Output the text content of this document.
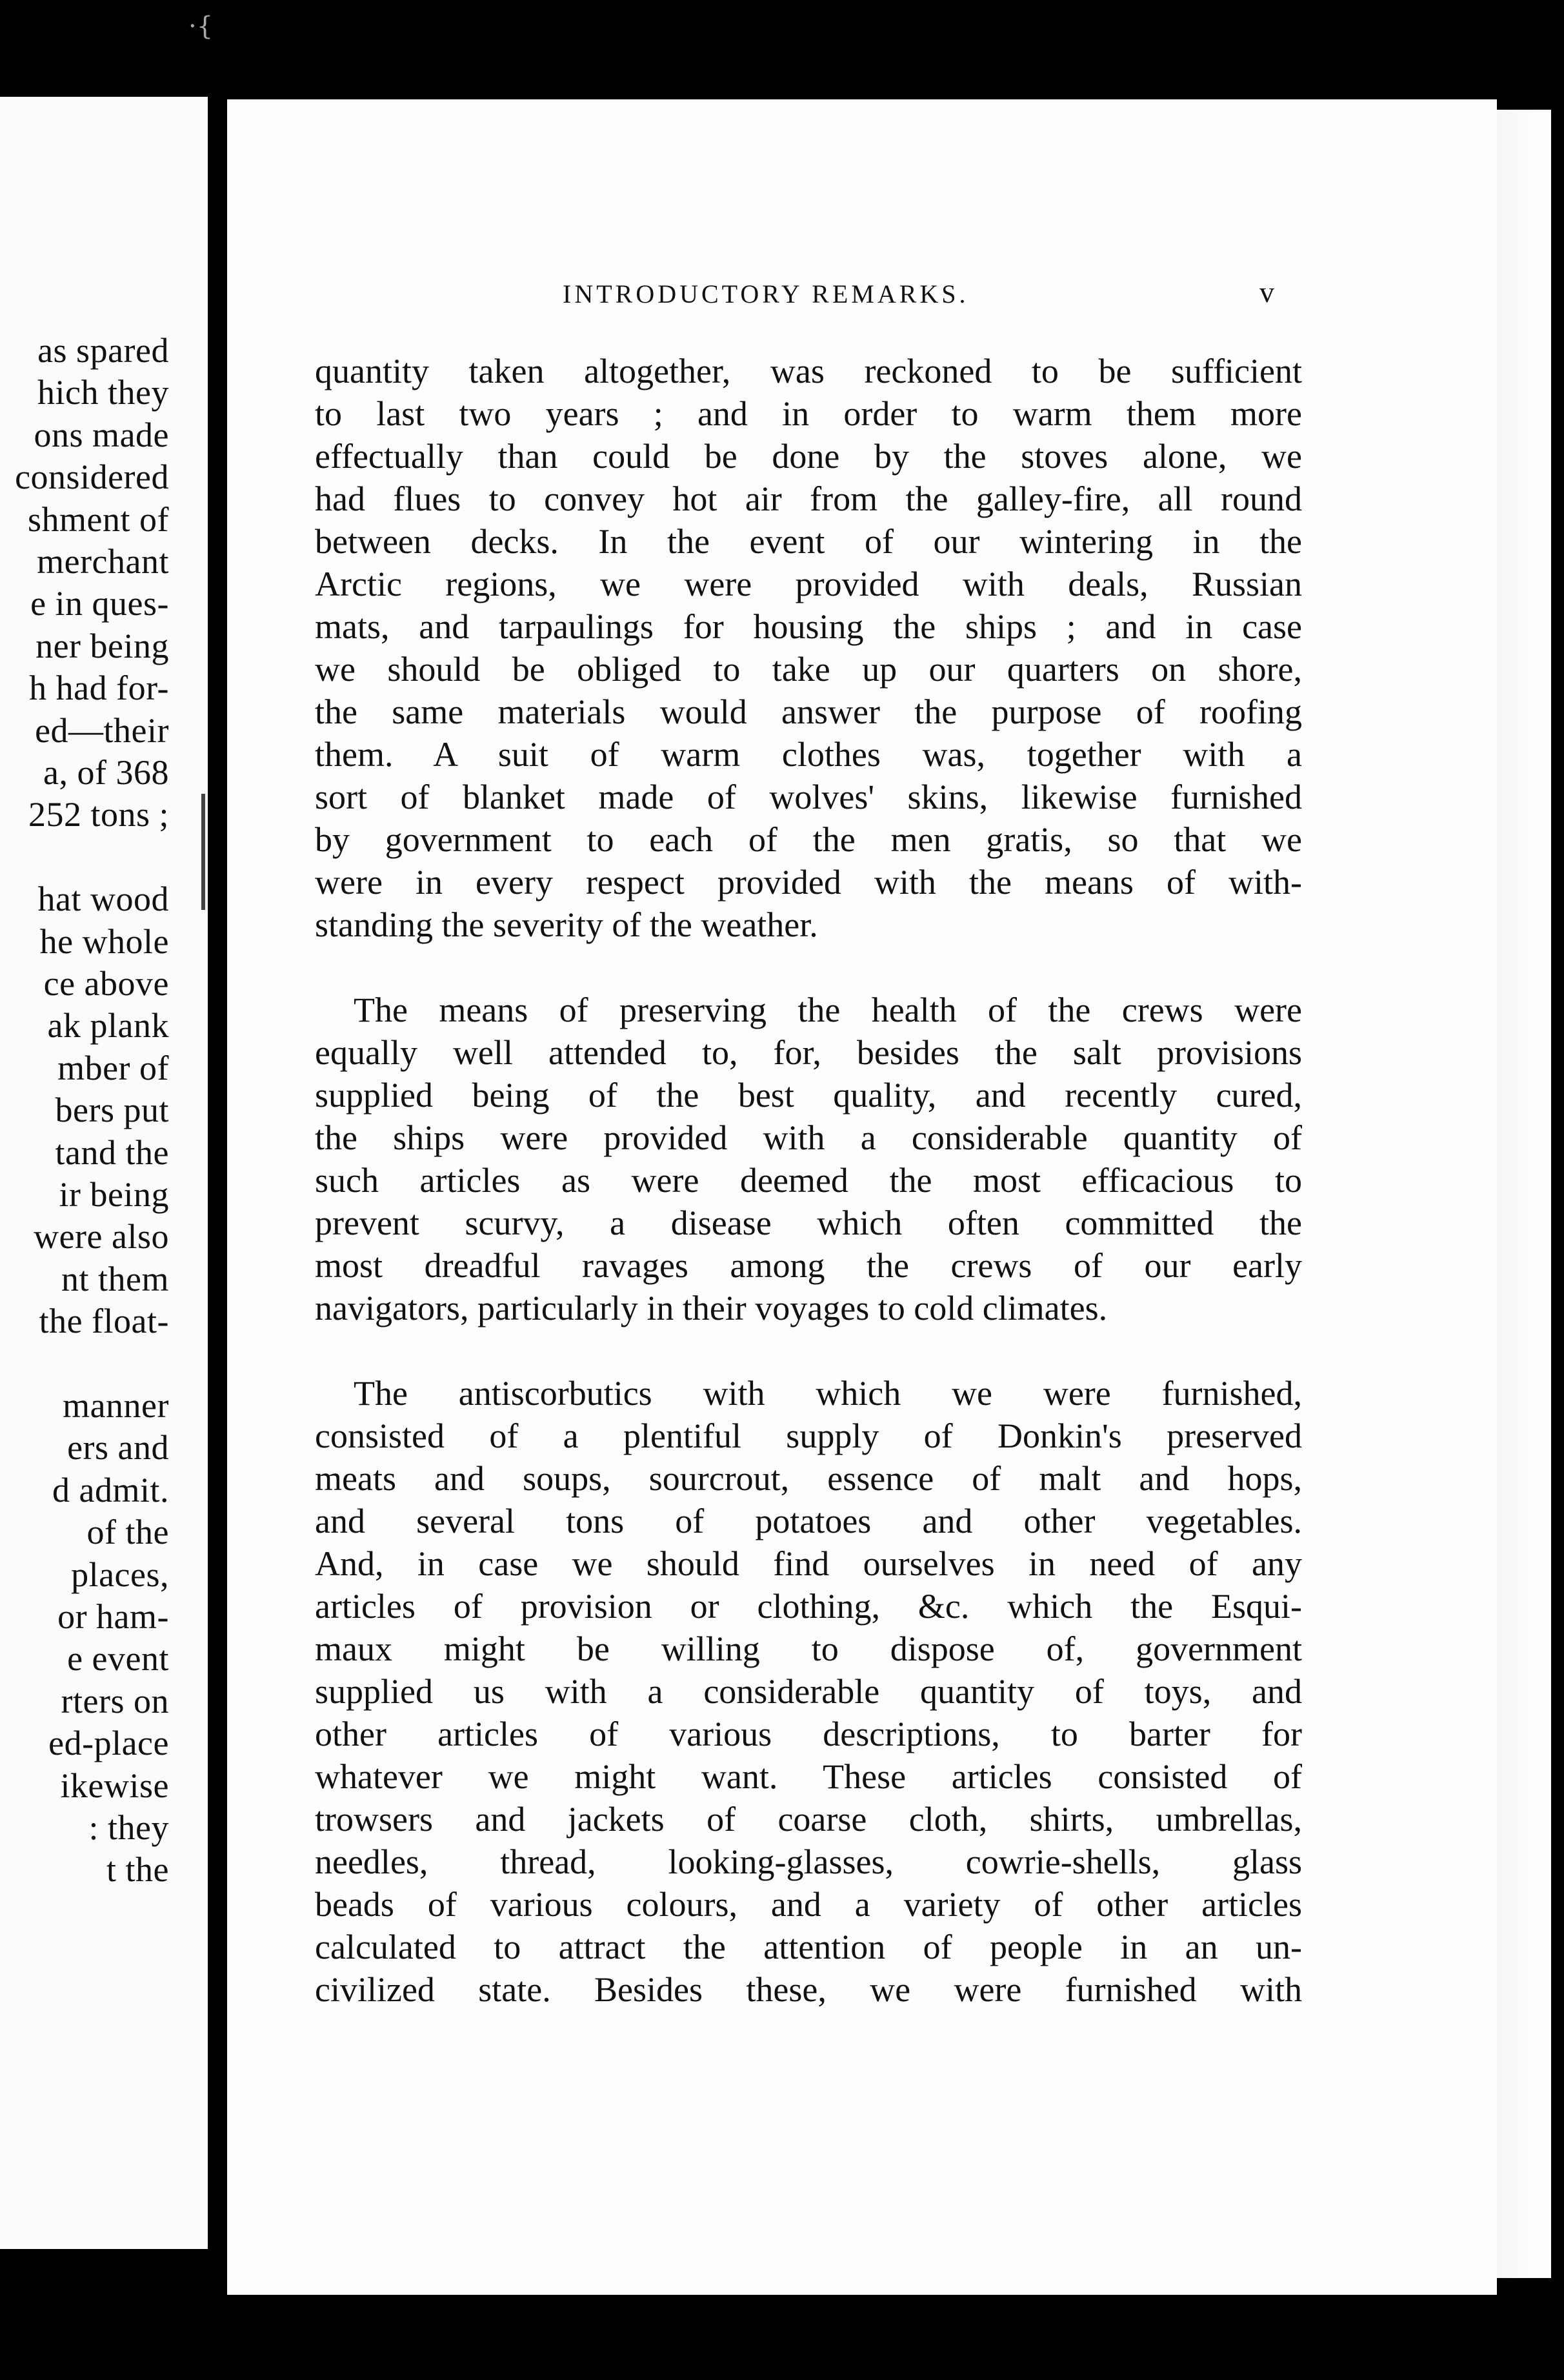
·{
as spared
hich they
ons made
considered
shment of
merchant
e in ques-
ner being
h had for-
ed—their
a, of 368
252 tons ;
hat wood
he whole
ce above
ak plank
mber of
bers put
tand the
ir being
were also
nt them
the float-
manner
ers and
d admit.
of the
places,
or ham-
e event
rters on
ed-place
ikewise
: they
t the
INTRODUCTORY REMARKS.	v
quantity taken altogether, was reckoned to be sufficient
to last two years ; and in order to warm them more
effectually than could be done by the stoves alone, we
had flues to convey hot air from the galley-fire, all round
between decks. In the event of our wintering in the
Arctic regions, we were provided with deals, Russian
mats, and tarpaulings for housing the ships ; and in case
we should be obliged to take up our quarters on shore,
the same materials would answer the purpose of roofing
them. A suit of warm clothes was, together with a
sort of blanket made of wolves' skins, likewise furnished
by government to each of the men gratis, so that we
were in every respect provided with the means of with-
standing the severity of the weather.
The means of preserving the health of the crews were
equally well attended to, for, besides the salt provisions
supplied being of the best quality, and recently cured,
the ships were provided with a considerable quantity of
such articles as were deemed the most efficacious to
prevent scurvy, a disease which often committed the
most dreadful ravages among the crews of our early
navigators, particularly in their voyages to cold climates.
The antiscorbutics with which we were furnished,
consisted of a plentiful supply of Donkin's preserved
meats and soups, sourcrout, essence of malt and hops,
and several tons of potatoes and other vegetables.
And, in case we should find ourselves in need of any
articles of provision or clothing, &c. which the Esqui-
maux might be willing to dispose of, government
supplied us with a considerable quantity of toys, and
other articles of various descriptions, to barter for
whatever we might want. These articles consisted of
trowsers and jackets of coarse cloth, shirts, umbrellas,
needles, thread, looking-glasses, cowrie-shells, glass
beads of various colours, and a variety of other articles
calculated to attract the attention of people in an un-
civilized state. Besides these, we were furnished with
